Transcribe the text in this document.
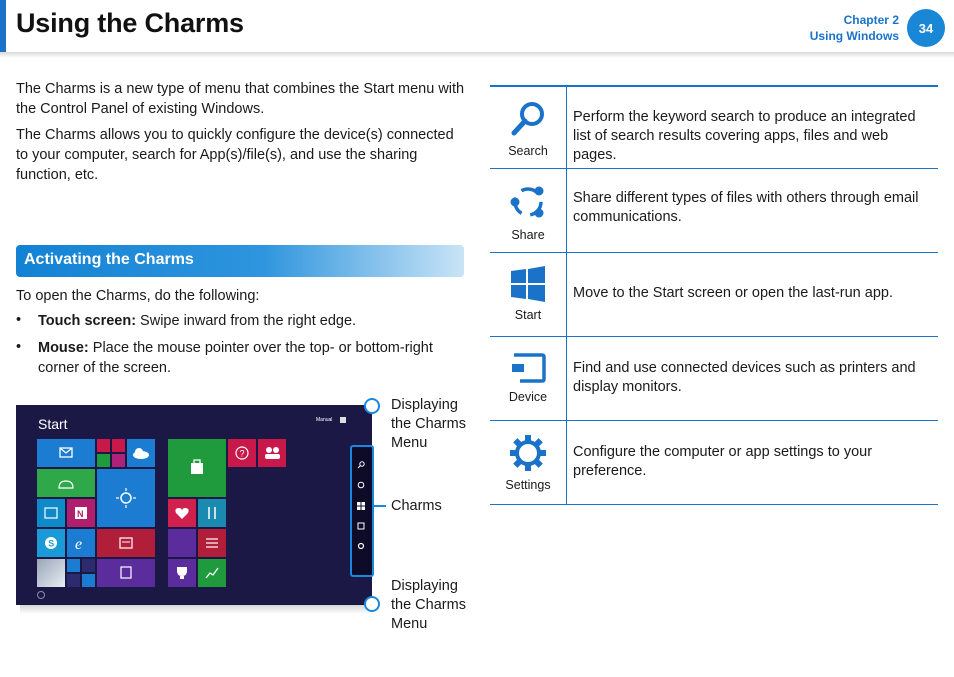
Using the Charms	Chapter 2
Using Windows
34
The Charms is a new type of menu that combines the Start menu with the Control Panel of existing Windows.
The Charms allows you to quickly configure the device(s) connected to your computer, search for App(s)/file(s), and use the sharing function, etc.
Activating the Charms
To open the Charms, do the following:
• Touch screen: Swipe inward from the right edge.
• Mouse: Place the mouse pointer over the top- or bottom-right corner of the screen.
Start	Manual
N
S e
?
Displaying the Charms Menu
Charms
Displaying the Charms Menu
Search
Perform the keyword search to produce an integrated list of search results covering apps, files and web pages.
Share
Share different types of files with others through email communications.
Start
Move to the Start screen or open the last-run app.
Device
Find and use connected devices such as printers and display monitors.
Settings
Configure the computer or app settings to your preference.
